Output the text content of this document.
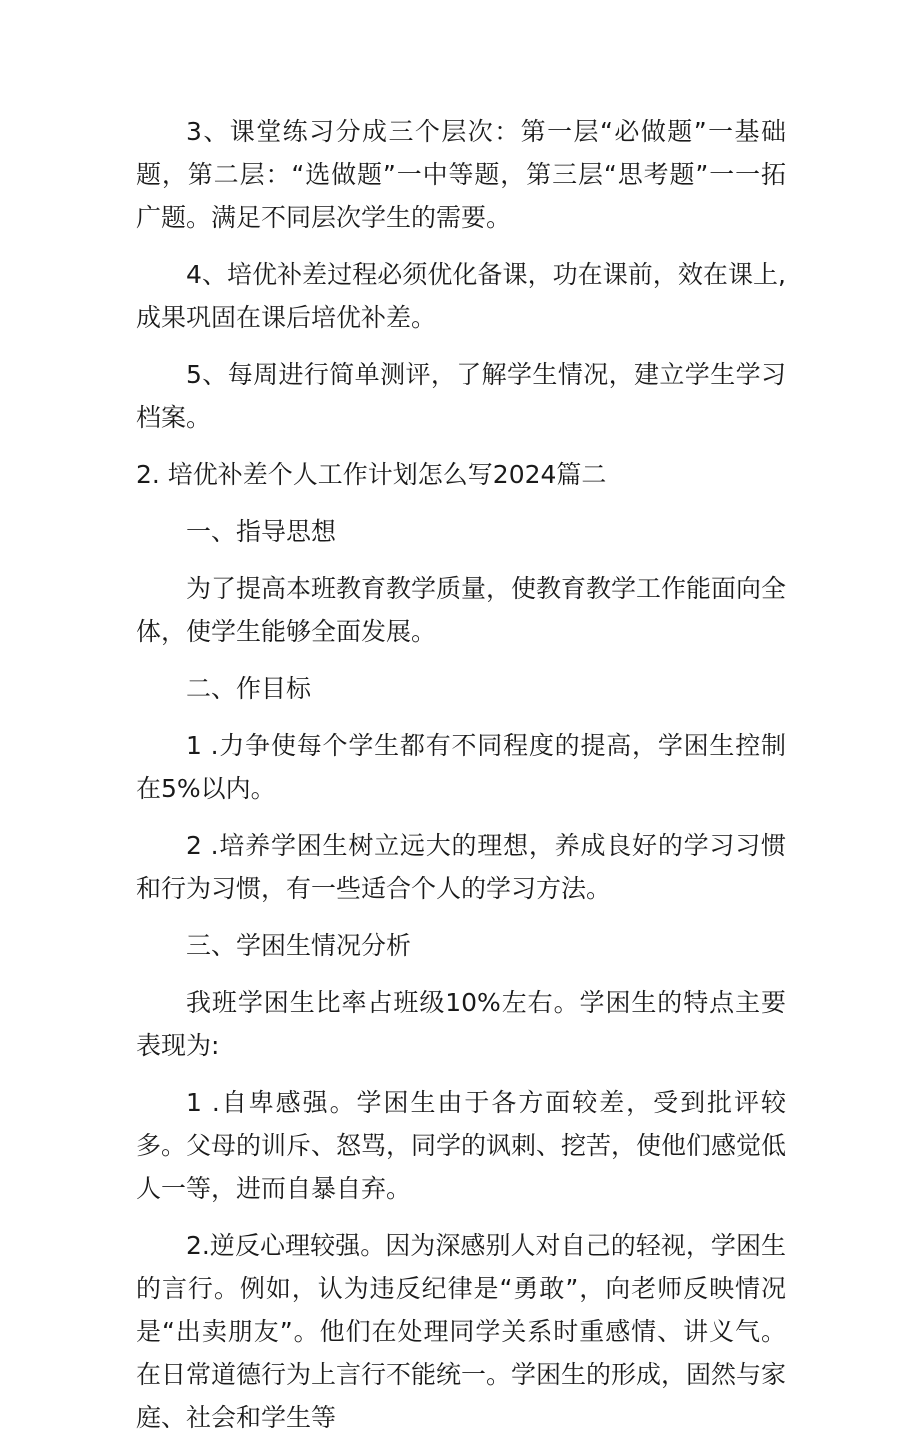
3、课堂练习分成三个层次：第一层“必做题”一基础题，第二层：“选做题”一中等题，第三层“思考题”一一拓广题。满足不同层次学生的需要。

4、培优补差过程必须优化备课，功在课前，效在课上,成果巩固在课后培优补差。

5、每周进行简单测评，了解学生情况，建立学生学习档案。

2. 培优补差个人工作计划怎么写2024篇二

一、指导思想

为了提高本班教育教学质量，使教育教学工作能面向全体，使学生能够全面发展。

二、作目标

1 .力争使每个学生都有不同程度的提高，学困生控制在5%以内。

2 .培养学困生树立远大的理想，养成良好的学习习惯和行为习惯，有一些适合个人的学习方法。

三、学困生情况分析

我班学困生比率占班级10%左右。学困生的特点主要表现为:

1 .自卑感强。学困生由于各方面较差，受到批评较多。父母的训斥、怒骂，同学的讽刺、挖苦，使他们感觉低人一等，进而自暴自弃。

2.逆反心理较强。因为深感别人对自己的轻视，学困生的言行。例如，认为违反纪律是“勇敢”，向老师反映情况是“出卖朋友”。他们在处理同学关系时重感情、讲义气。在日常道德行为上言行不能统一。学困生的形成，固然与家庭、社会和学生等
